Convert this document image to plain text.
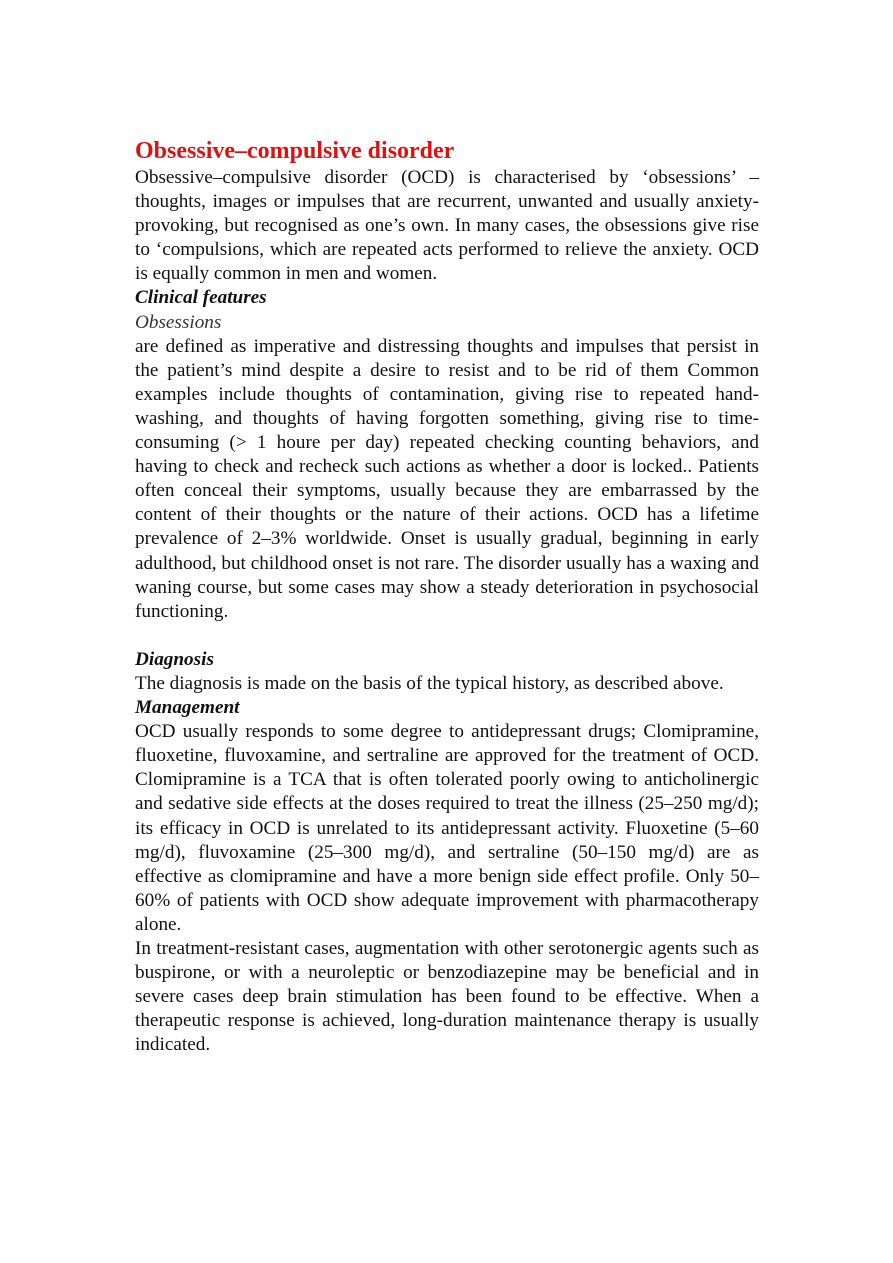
Obsessive–compulsive disorder

Obsessive–compulsive disorder (OCD) is characterised by ‘obsessions’ – thoughts, images or impulses that are recurrent, unwanted and usually anxiety-provoking, but recognised as one’s own. In many cases, the obsessions give rise to ‘compulsions, which are repeated acts performed to relieve the anxiety. OCD is equally common in men and women.

Clinical features

Obsessions

are defined as imperative and distressing thoughts and impulses that persist in the patient’s mind despite a desire to resist and to be rid of them Common examples include thoughts of contamination, giving rise to repeated hand-washing, and thoughts of having forgotten something, giving rise to time-consuming (> 1 houre per day) repeated checking counting behaviors, and having to check and recheck such actions as whether a door is locked.. Patients often conceal their symptoms, usually because they are embarrassed by the content of their thoughts or the nature of their actions. OCD has a lifetime prevalence of 2–3% worldwide. Onset is usually gradual, beginning in early adulthood, but childhood onset is not rare. The disorder usually has a waxing and waning course, but some cases may show a steady deterioration in psychosocial functioning.

Diagnosis

The diagnosis is made on the basis of the typical history, as described above.

Management

OCD usually responds to some degree to antidepressant drugs; Clomipramine, fluoxetine, fluvoxamine, and sertraline are approved for the treatment of OCD. Clomipramine is a TCA that is often tolerated poorly owing to anticholinergic and sedative side effects at the doses required to treat the illness (25–250 mg/d); its efficacy in OCD is unrelated to its antidepressant activity. Fluoxetine (5–60 mg/d), fluvoxamine (25–300 mg/d), and sertraline (50–150 mg/d) are as effective as clomipramine and have a more benign side effect profile. Only 50–60% of patients with OCD show adequate improvement with pharmacotherapy alone.

In treatment-resistant cases, augmentation with other serotonergic agents such as buspirone, or with a neuroleptic or benzodiazepine may be beneficial and in severe cases deep brain stimulation has been found to be effective. When a therapeutic response is achieved, long-duration maintenance therapy is usually indicated.
